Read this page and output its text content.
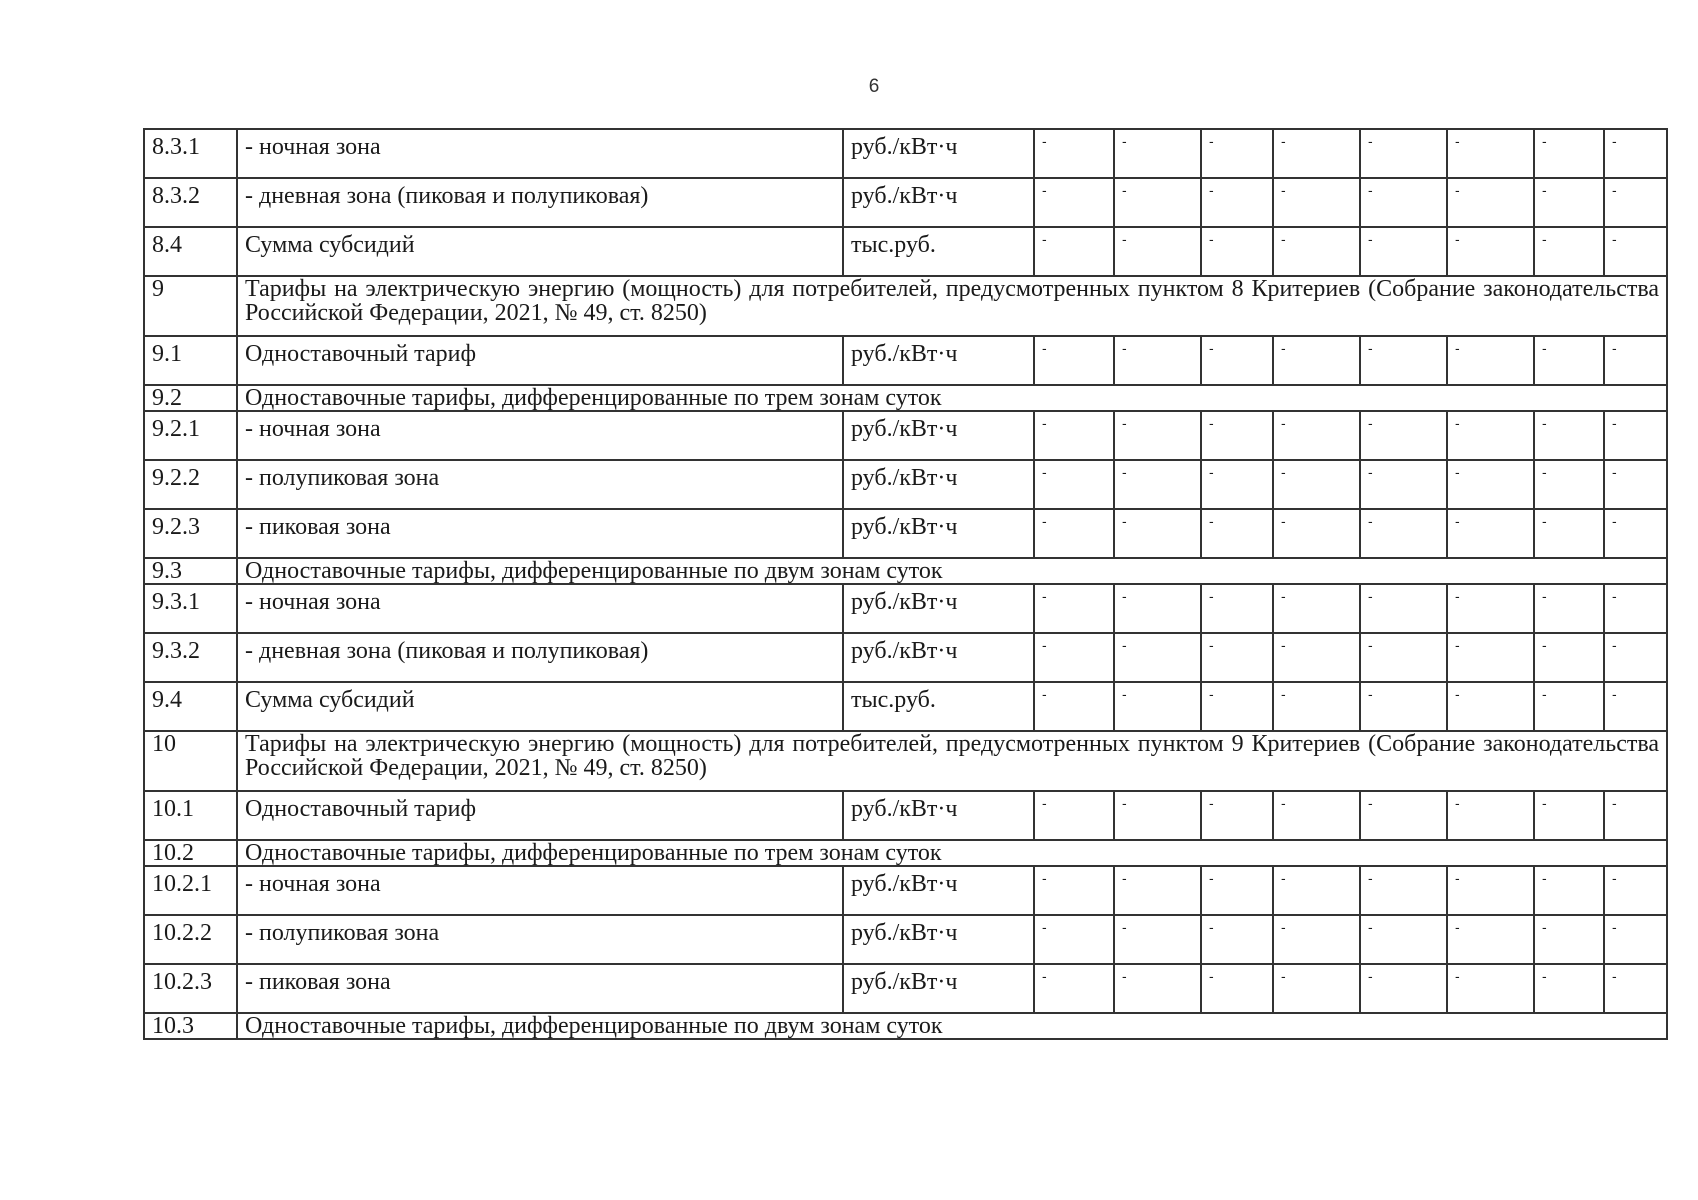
6
8.3.1	- ночная зона	руб./кВт·ч	-	-	-	-	-	-	-	-
8.3.2	- дневная зона (пиковая и полупиковая)	руб./кВт·ч	-	-	-	-	-	-	-	-
8.4	Сумма субсидий	тыс.руб.	-	-	-	-	-	-	-	-
9	Тарифы на электрическую энергию (мощность) для потребителей, предусмотренных пунктом 8 Критериев (Собрание законодательства Российской Федерации, 2021, № 49, ст. 8250)									
9.1	Одноставочный тариф	руб./кВт·ч	-	-	-	-	-	-	-	-
9.2	Одноставочные тарифы, дифференцированные по трем зонам суток									
9.2.1	- ночная зона	руб./кВт·ч	-	-	-	-	-	-	-	-
9.2.2	- полупиковая зона	руб./кВт·ч	-	-	-	-	-	-	-	-
9.2.3	- пиковая зона	руб./кВт·ч	-	-	-	-	-	-	-	-
9.3	Одноставочные тарифы, дифференцированные по двум зонам суток									
9.3.1	- ночная зона	руб./кВт·ч	-	-	-	-	-	-	-	-
9.3.2	- дневная зона (пиковая и полупиковая)	руб./кВт·ч	-	-	-	-	-	-	-	-
9.4	Сумма субсидий	тыс.руб.	-	-	-	-	-	-	-	-
10	Тарифы на электрическую энергию (мощность) для потребителей, предусмотренных пунктом 9 Критериев (Собрание законодательства Российской Федерации, 2021, № 49, ст. 8250)									
10.1	Одноставочный тариф	руб./кВт·ч	-	-	-	-	-	-	-	-
10.2	Одноставочные тарифы, дифференцированные по трем зонам суток									
10.2.1	- ночная зона	руб./кВт·ч	-	-	-	-	-	-	-	-
10.2.2	- полупиковая зона	руб./кВт·ч	-	-	-	-	-	-	-	-
10.2.3	- пиковая зона	руб./кВт·ч	-	-	-	-	-	-	-	-
10.3	Одноставочные тарифы, дифференцированные по двум зонам суток									
